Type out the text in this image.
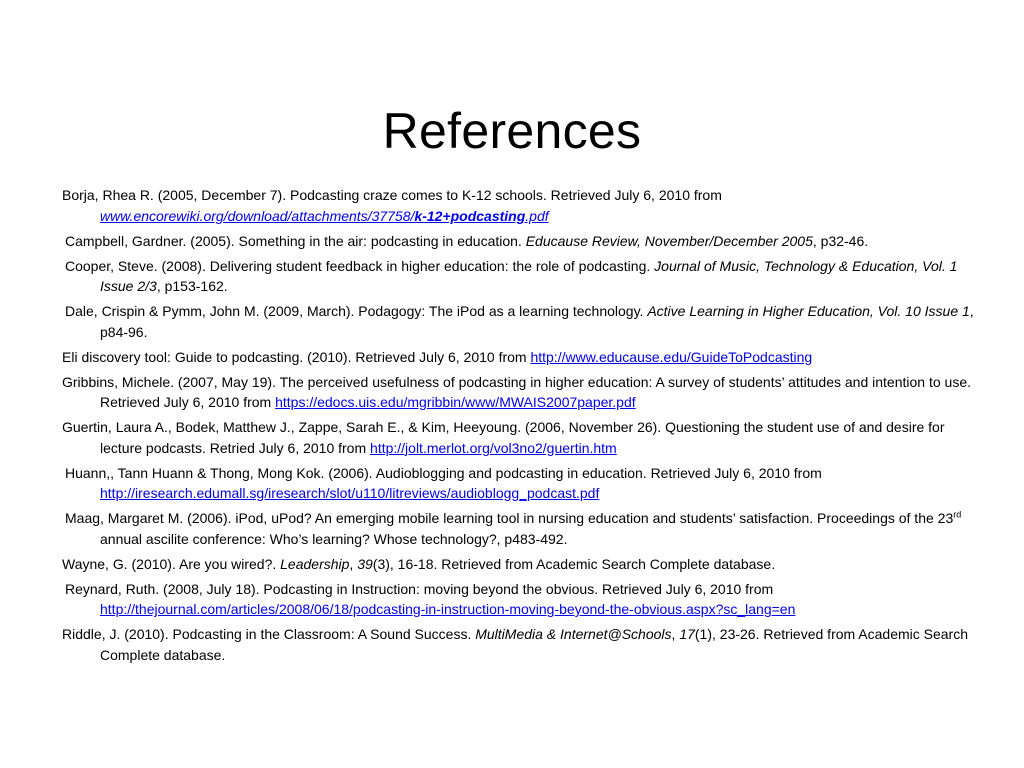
References

Borja, Rhea R. (2005, December 7). Podcasting craze comes to K-12 schools. Retrieved July 6, 2010 from www.encorewiki.org/download/attachments/37758/k-12+podcasting.pdf

Campbell, Gardner. (2005). Something in the air: podcasting in education. Educause Review, November/December 2005, p32-46.

Cooper, Steve. (2008). Delivering student feedback in higher education: the role of podcasting. Journal of Music, Technology & Education, Vol. 1 Issue 2/3, p153-162.

Dale, Crispin & Pymm, John M. (2009, March). Podagogy: The iPod as a learning technology. Active Learning in Higher Education, Vol. 10 Issue 1, p84-96.

Eli discovery tool: Guide to podcasting. (2010). Retrieved July 6, 2010 from http://www.educause.edu/GuideToPodcasting

Gribbins, Michele. (2007, May 19). The perceived usefulness of podcasting in higher education: A survey of students’ attitudes and intention to use. Retrieved July 6, 2010 from https://edocs.uis.edu/mgribbin/www/MWAIS2007paper.pdf

Guertin, Laura A., Bodek, Matthew J., Zappe, Sarah E., & Kim, Heeyoung. (2006, November 26). Questioning the student use of and desire for lecture podcasts. Retried July 6, 2010 from http://jolt.merlot.org/vol3no2/guertin.htm

Huann,, Tann Huann & Thong, Mong Kok. (2006). Audioblogging and podcasting in education. Retrieved July 6, 2010 from http://iresearch.edumall.sg/iresearch/slot/u110/litreviews/audioblogg_podcast.pdf

Maag, Margaret M. (2006). iPod, uPod? An emerging mobile learning tool in nursing education and students’ satisfaction. Proceedings of the 23rd annual ascilite conference: Who’s learning? Whose technology?, p483-492.

Wayne, G. (2010). Are you wired?. Leadership, 39(3), 16-18. Retrieved from Academic Search Complete database.

Reynard, Ruth. (2008, July 18). Podcasting in Instruction: moving beyond the obvious. Retrieved July 6, 2010 from http://thejournal.com/articles/2008/06/18/podcasting-in-instruction-moving-beyond-the-obvious.aspx?sc_lang=en

Riddle, J. (2010). Podcasting in the Classroom: A Sound Success. MultiMedia & Internet@Schools, 17(1), 23-26. Retrieved from Academic Search Complete database.
